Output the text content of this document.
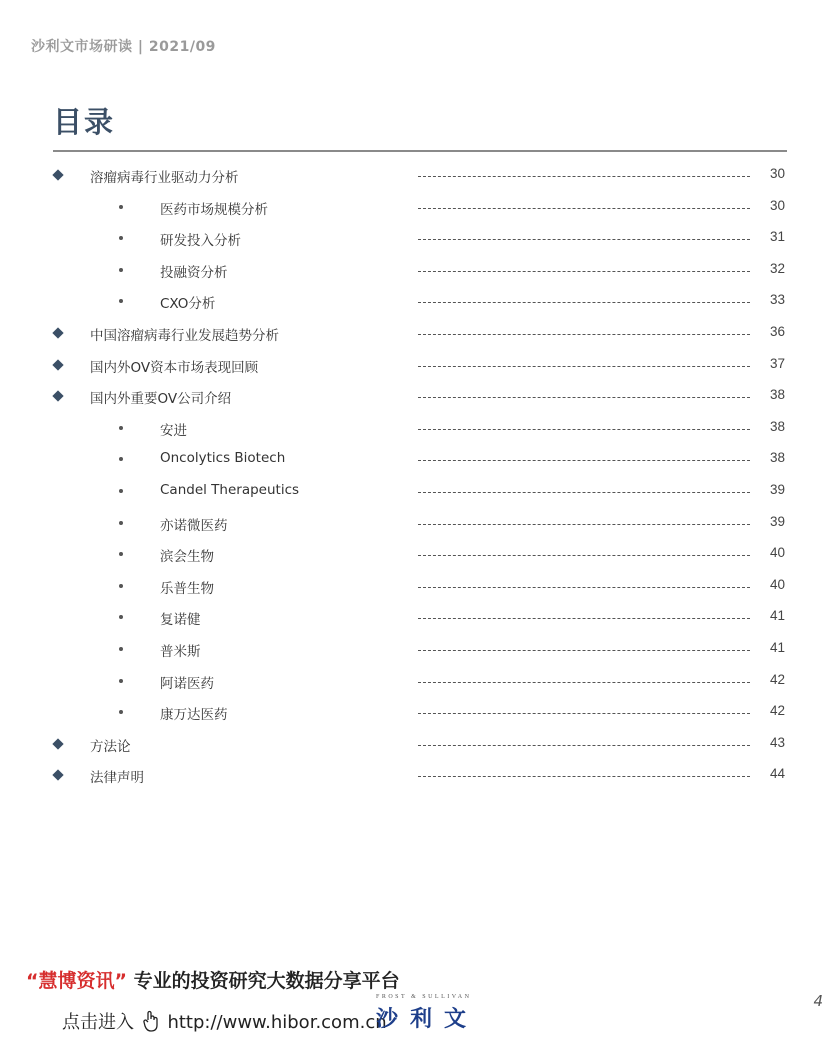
沙利文市场研读 | 2021/09
目录
溶瘤病毒行业驱动力分析	30
医药市场规模分析	30
研发投入分析	31
投融资分析	32
CXO分析	33
中国溶瘤病毒行业发展趋势分析	36
国内外OV资本市场表现回顾	37
国内外重要OV公司介绍	38
安进	38
Oncolytics Biotech	38
Candel Therapeutics	39
亦诺微医药	39
滨会生物	40
乐普生物	40
复诺健	41
普米斯	41
阿诺医药	42
康万达医药	42
方法论	43
法律声明	44
“慧博资讯” 专业的投资研究大数据分享平台
点击进入 http://www.hibor.com.cn
FROST & SULLIVAN
沙利文
4
